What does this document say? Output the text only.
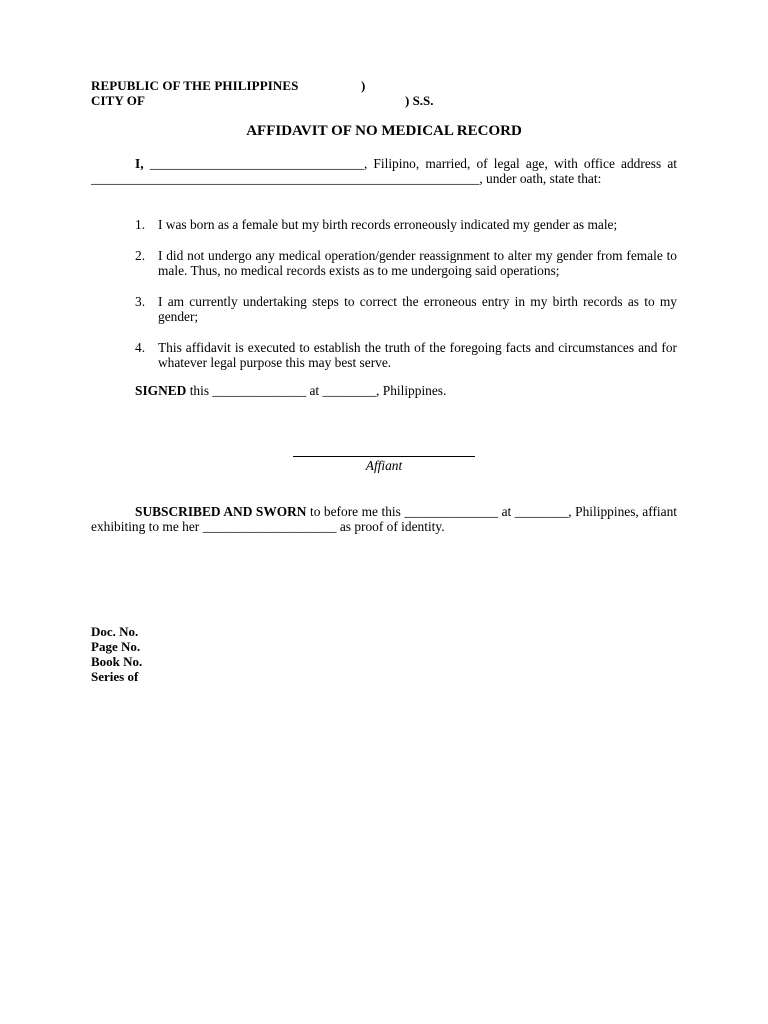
REPUBLIC OF THE PHILIPPINES	)
CITY OF	) S.S.
AFFIDAVIT OF NO MEDICAL RECORD
I, ________________________________, Filipino, married, of legal age, with office address at __________________________________________________________, under oath, state that:
1. I was born as a female but my birth records erroneously indicated my gender as male;
2. I did not undergo any medical operation/gender reassignment to alter my gender from female to male. Thus, no medical records exists as to me undergoing said operations;
3. I am currently undertaking steps to correct the erroneous entry in my birth records as to my gender;
4. This affidavit is executed to establish the truth of the foregoing facts and circumstances and for whatever legal purpose this may best serve.
SIGNED this ______________ at ________, Philippines.
Affiant
SUBSCRIBED AND SWORN to before me this ______________ at ________, Philippines, affiant exhibiting to me her ____________________ as proof of identity.
Doc. No.
Page No.
Book No.
Series of
